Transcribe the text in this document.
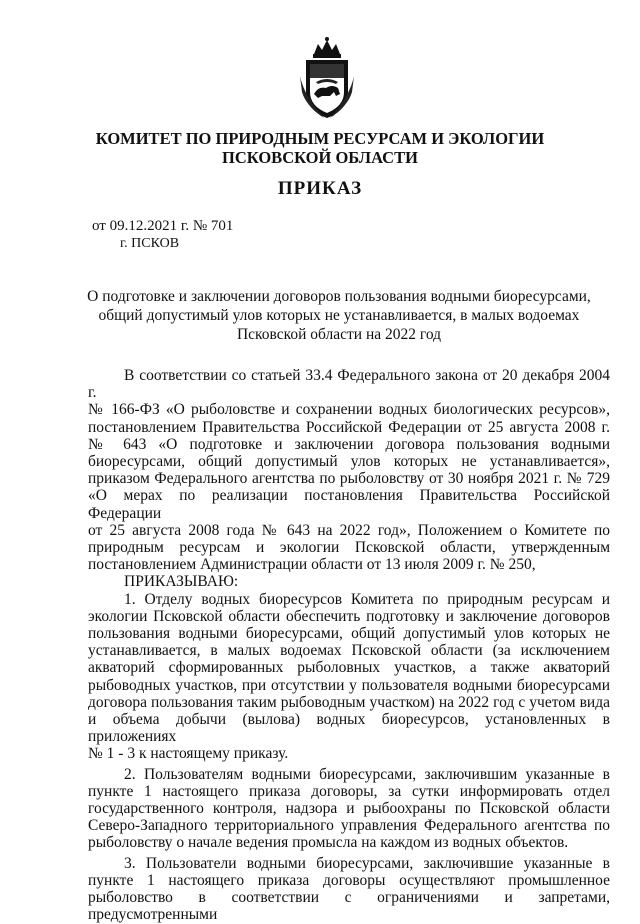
КОМИТЕТ ПО ПРИРОДНЫМ РЕСУРСАМ И ЭКОЛОГИИ
ПСКОВСКОЙ ОБЛАСТИ
ПРИКАЗ
от 09.12.2021 г. № 701
г. ПСКОВ
О подготовке и заключении договоров пользования водными биоресурсами,
общий допустимый улов которых не устанавливается, в малых водоемах
Псковской области на 2022 год
В соответствии со статьей 33.4 Федерального закона от 20 декабря 2004 г.
№ 166-ФЗ «О рыболовстве и сохранении водных биологических ресурсов»,
постановлением Правительства Российской Федерации от 25 августа 2008 г.
№ 643 «О подготовке и заключении договора пользования водными
биоресурсами, общий допустимый улов которых не устанавливается»,
приказом Федерального агентства по рыболовству от 30 ноября 2021 г. № 729
«О мерах по реализации постановления Правительства Российской Федерации
от 25 августа 2008 года № 643 на 2022 год», Положением о Комитете по
природным ресурсам и экологии Псковской области, утвержденным
постановлением Администрации области от 13 июля 2009 г. № 250,
ПРИКАЗЫВАЮ:
1. Отделу водных биоресурсов Комитета по природным ресурсам и
экологии Псковской области обеспечить подготовку и заключение договоров
пользования водными биоресурсами, общий допустимый улов которых не
устанавливается, в малых водоемах Псковской области (за исключением
акваторий сформированных рыболовных участков, а также акваторий
рыбоводных участков, при отсутствии у пользователя водными биоресурсами
договора пользования таким рыбоводным участком) на 2022 год с учетом вида
и объема добычи (вылова) водных биоресурсов, установленных в приложениях
№ 1 - 3 к настоящему приказу.
2. Пользователям водными биоресурсами, заключившим указанные в
пункте 1 настоящего приказа договоры, за сутки информировать отдел
государственного контроля, надзора и рыбоохраны по Псковской области
Северо-Западного территориального управления Федерального агентства по
рыболовству о начале ведения промысла на каждом из водных объектов.
3. Пользователи водными биоресурсами, заключившие указанные в
пункте 1 настоящего приказа договоры осуществляют промышленное
рыболовство в соответствии с ограничениями и запретами, предусмотренными
